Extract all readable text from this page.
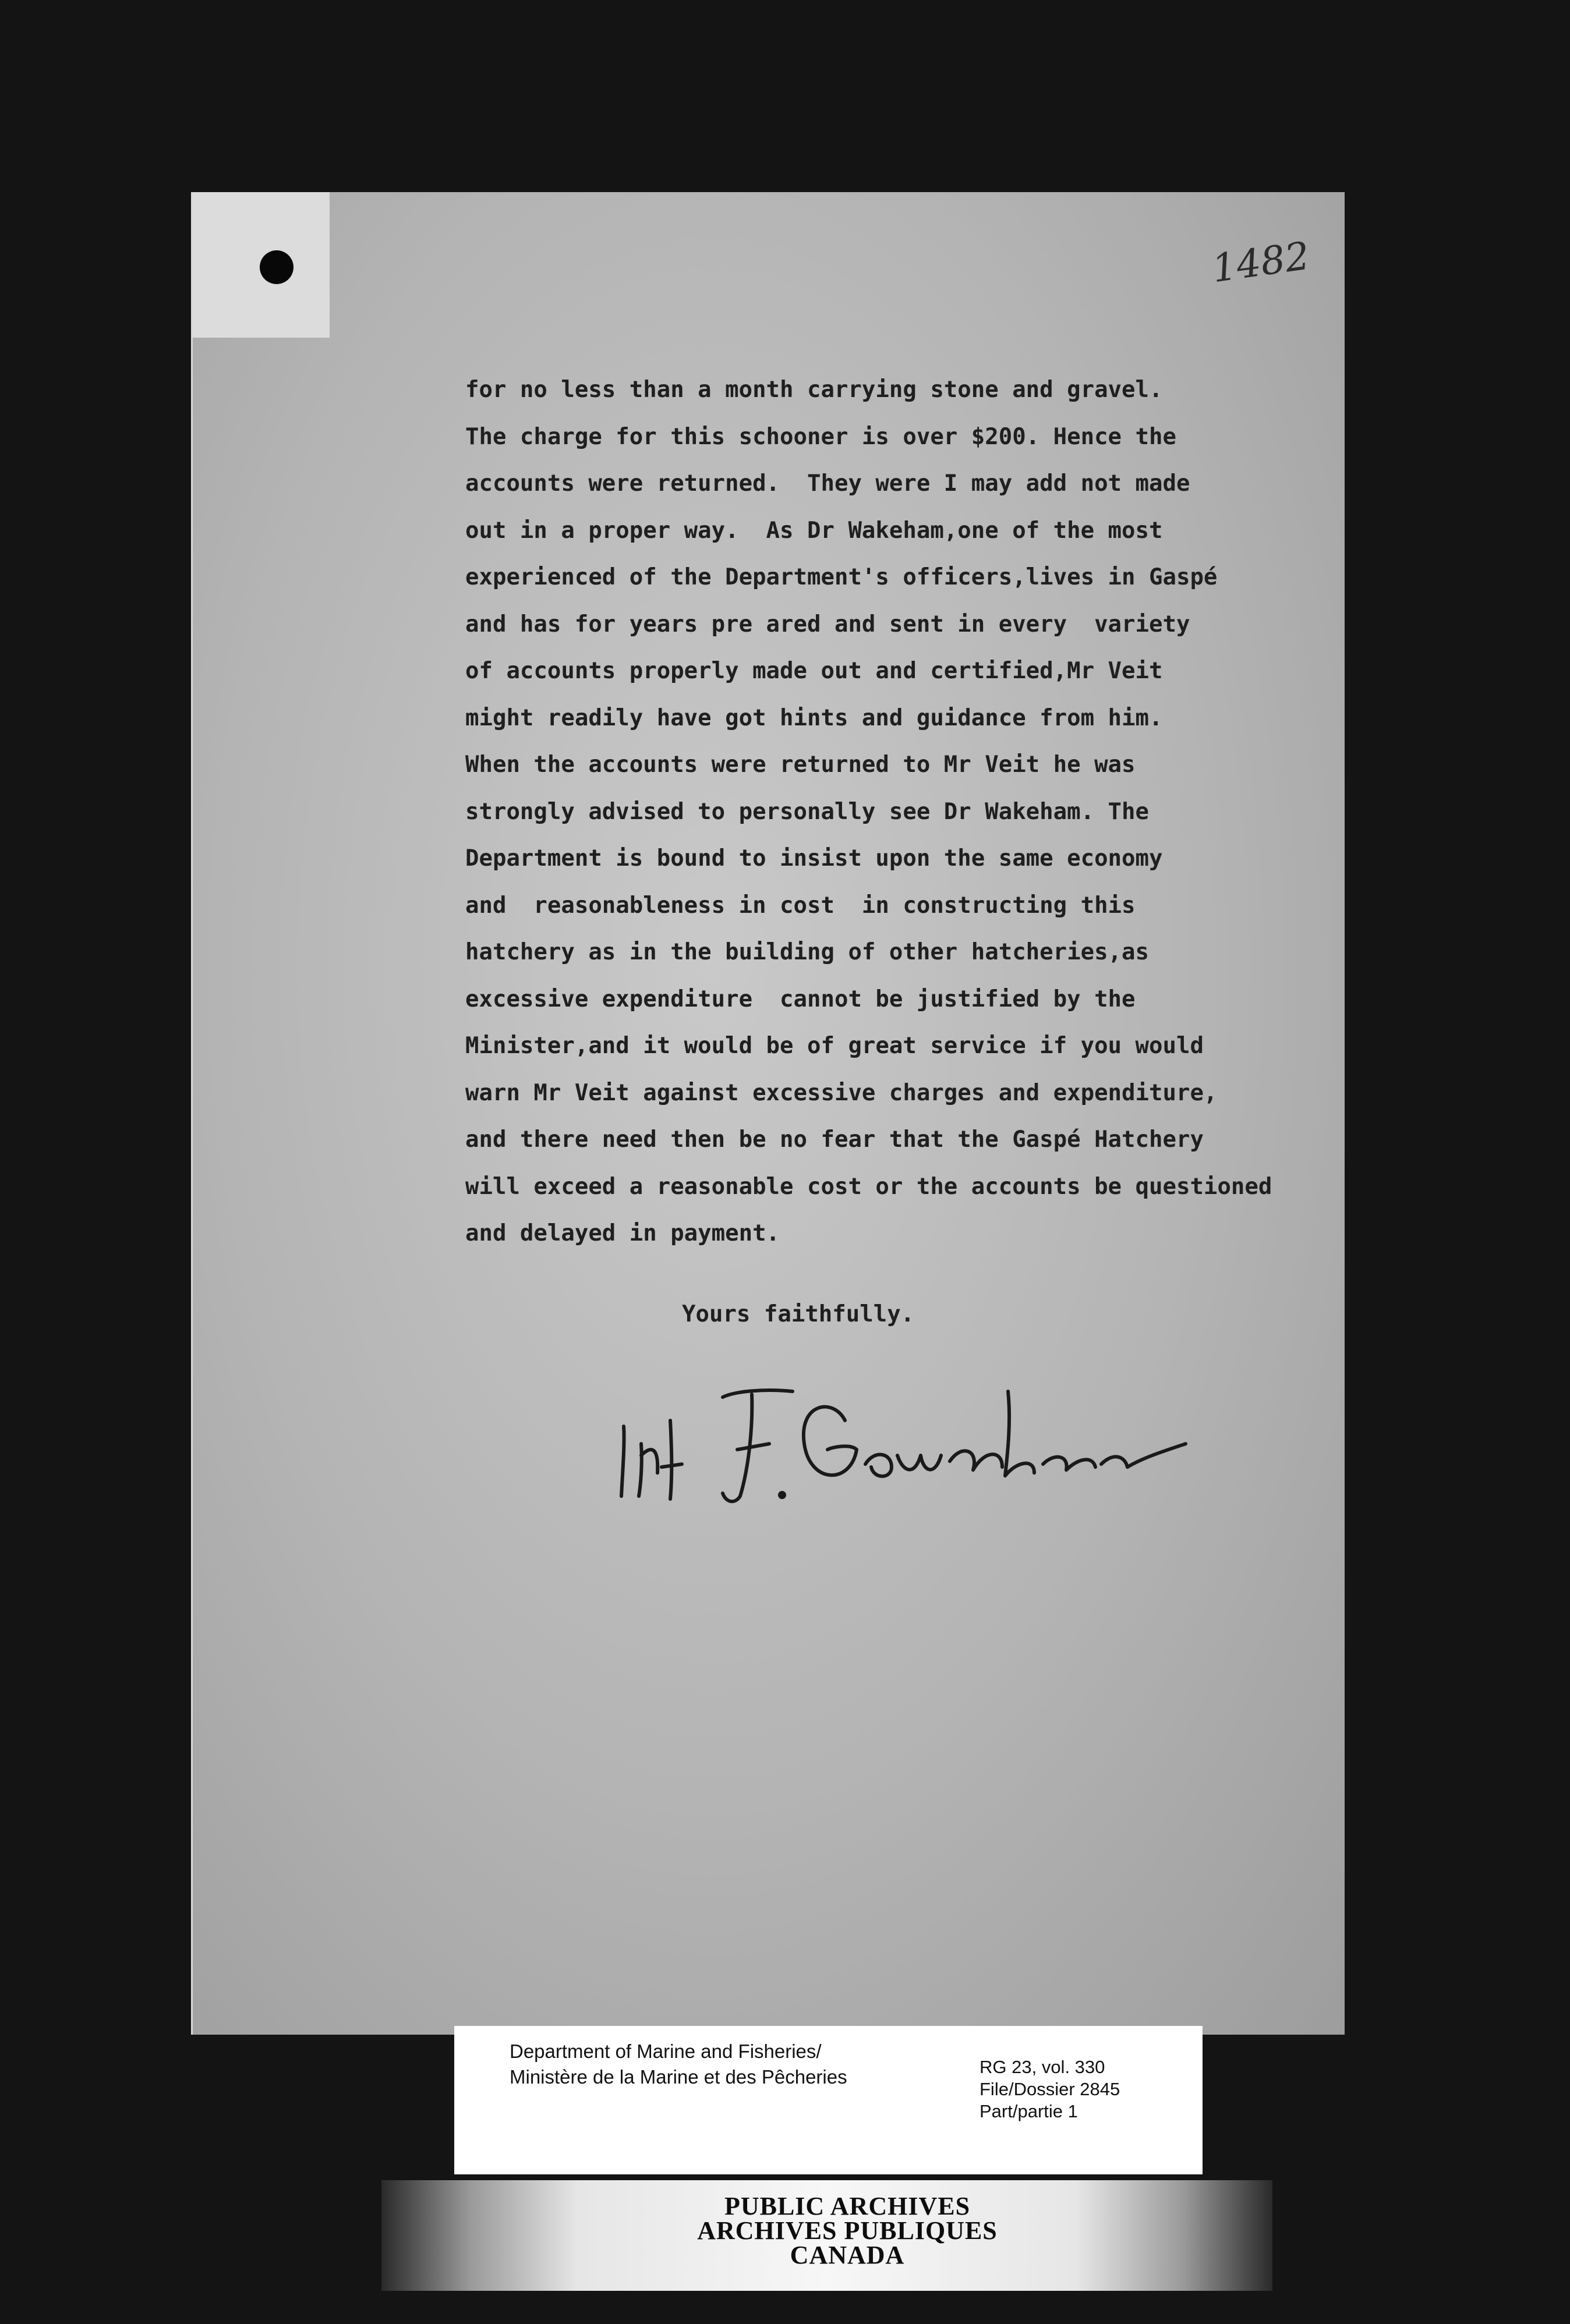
1482
for no less than a month carrying stone and gravel.
The charge for this schooner is over $200. Hence the
accounts were returned.  They were I may add not made
out in a proper way.  As Dr Wakeham,one of the most
experienced of the Department's officers,lives in Gaspé
and has for years pre ared and sent in every  variety
of accounts properly made out and certified,Mr Veit
might readily have got hints and guidance from him.
When the accounts were returned to Mr Veit he was
strongly advised to personally see Dr Wakeham. The
Department is bound to insist upon the same economy
and  reasonableness in cost  in constructing this
hatchery as in the building of other hatcheries,as
excessive expenditure  cannot be justified by the
Minister,and it would be of great service if you would
warn Mr Veit against excessive charges and expenditure,
and there need then be no fear that the Gaspé Hatchery
will exceed a reasonable cost or the accounts be questioned
and delayed in payment.

Yours faithfully.

Department of Marine and Fisheries/
Ministère de la Marine et des Pêcheries	RG 23, vol. 330
File/Dossier 2845
Part/partie 1
PUBLIC ARCHIVES
ARCHIVES PUBLIQUES
CANADA
